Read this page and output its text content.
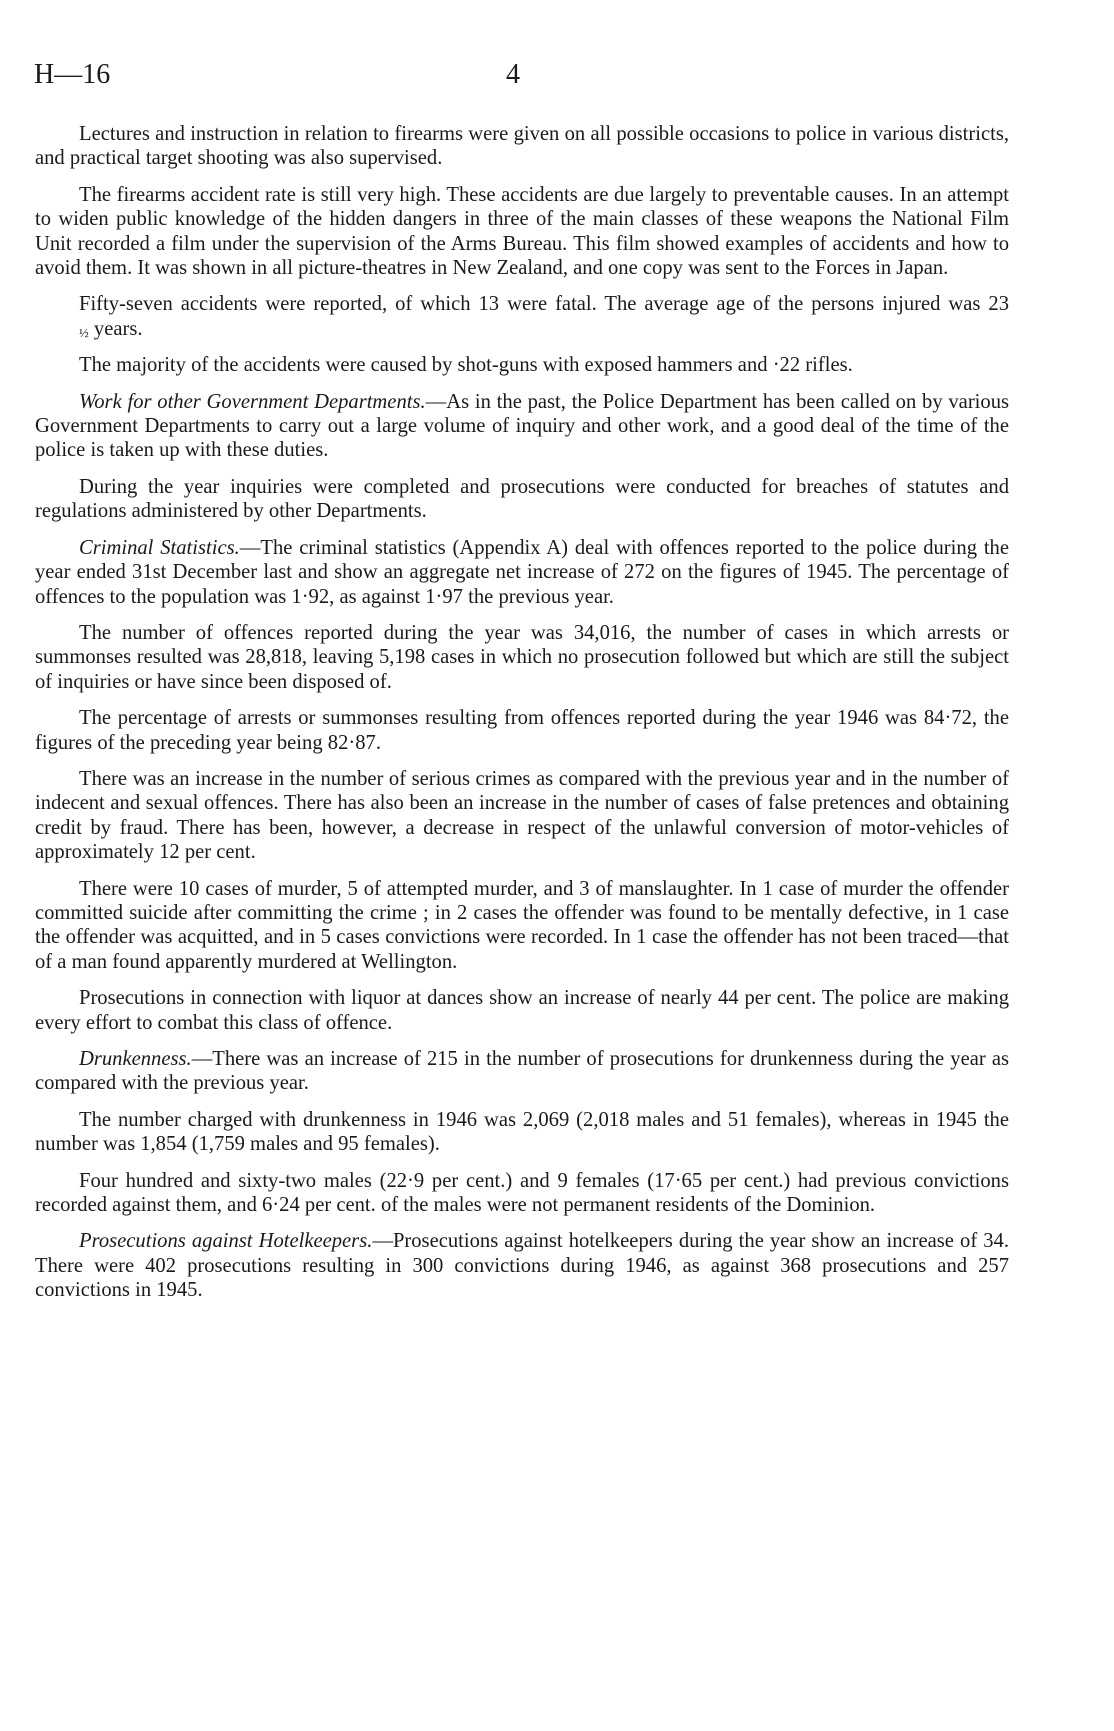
H—16	4

Lectures and instruction in relation to firearms were given on all possible occasions to police in various districts, and practical target shooting was also supervised.

The firearms accident rate is still very high. These accidents are due largely to preventable causes. In an attempt to widen public knowledge of the hidden dangers in three of the main classes of these weapons the National Film Unit recorded a film under the supervision of the Arms Bureau. This film showed examples of accidents and how to avoid them. It was shown in all picture-theatres in New Zealand, and one copy was sent to the Forces in Japan.

Fifty-seven accidents were reported, of which 13 were fatal. The average age of the persons injured was 23½ years.

The majority of the accidents were caused by shot-guns with exposed hammers and ·22 rifles.

Work for other Government Departments.—As in the past, the Police Department has been called on by various Government Departments to carry out a large volume of inquiry and other work, and a good deal of the time of the police is taken up with these duties.

During the year inquiries were completed and prosecutions were conducted for breaches of statutes and regulations administered by other Departments.

Criminal Statistics.—The criminal statistics (Appendix A) deal with offences reported to the police during the year ended 31st December last and show an aggregate net increase of 272 on the figures of 1945. The percentage of offences to the population was 1·92, as against 1·97 the previous year.

The number of offences reported during the year was 34,016, the number of cases in which arrests or summonses resulted was 28,818, leaving 5,198 cases in which no prosecution followed but which are still the subject of inquiries or have since been disposed of.

The percentage of arrests or summonses resulting from offences reported during the year 1946 was 84·72, the figures of the preceding year being 82·87.

There was an increase in the number of serious crimes as compared with the previous year and in the number of indecent and sexual offences. There has also been an increase in the number of cases of false pretences and obtaining credit by fraud. There has been, however, a decrease in respect of the unlawful conversion of motor-vehicles of approximately 12 per cent.

There were 10 cases of murder, 5 of attempted murder, and 3 of manslaughter. In 1 case of murder the offender committed suicide after committing the crime ; in 2 cases the offender was found to be mentally defective, in 1 case the offender was acquitted, and in 5 cases convictions were recorded. In 1 case the offender has not been traced—that of a man found apparently murdered at Wellington.

Prosecutions in connection with liquor at dances show an increase of nearly 44 per cent. The police are making every effort to combat this class of offence.

Drunkenness.—There was an increase of 215 in the number of prosecutions for drunkenness during the year as compared with the previous year.

The number charged with drunkenness in 1946 was 2,069 (2,018 males and 51 females), whereas in 1945 the number was 1,854 (1,759 males and 95 females).

Four hundred and sixty-two males (22·9 per cent.) and 9 females (17·65 per cent.) had previous convictions recorded against them, and 6·24 per cent. of the males were not permanent residents of the Dominion.

Prosecutions against Hotelkeepers.—Prosecutions against hotelkeepers during the year show an increase of 34. There were 402 prosecutions resulting in 300 convictions during 1946, as against 368 prosecutions and 257 convictions in 1945.
